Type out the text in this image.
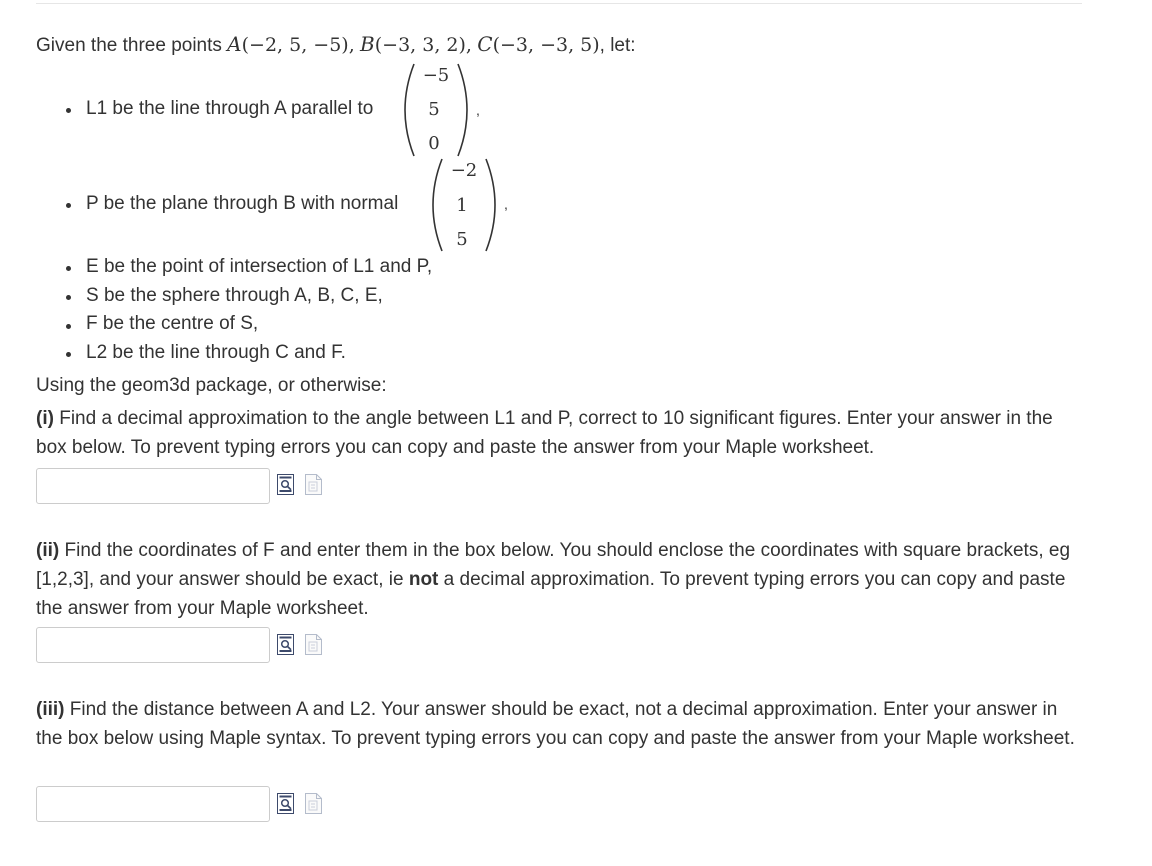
Given the three points A(−2, 5, −5), B(−3, 3, 2), C(−3, −3, 5), let:
L1 be the line through A parallel to
−5
5
0
,
P be the plane through B with normal
−2
1
5
,
E be the point of intersection of L1 and P,
S be the sphere through A, B, C, E,
F be the centre of S,
L2 be the line through C and F.
Using the geom3d package, or otherwise:
(i) Find a decimal approximation to the angle between L1 and P, correct to 10 significant figures. Enter your answer in the box below. To prevent typing errors you can copy and paste the answer from your Maple worksheet.
(ii) Find the coordinates of F and enter them in the box below. You should enclose the coordinates with square brackets, eg [1,2,3], and your answer should be exact, ie not a decimal approximation. To prevent typing errors you can copy and paste the answer from your Maple worksheet.
(iii) Find the distance between A and L2. Your answer should be exact, not a decimal approximation. Enter your answer in the box below using Maple syntax. To prevent typing errors you can copy and paste the answer from your Maple worksheet.
